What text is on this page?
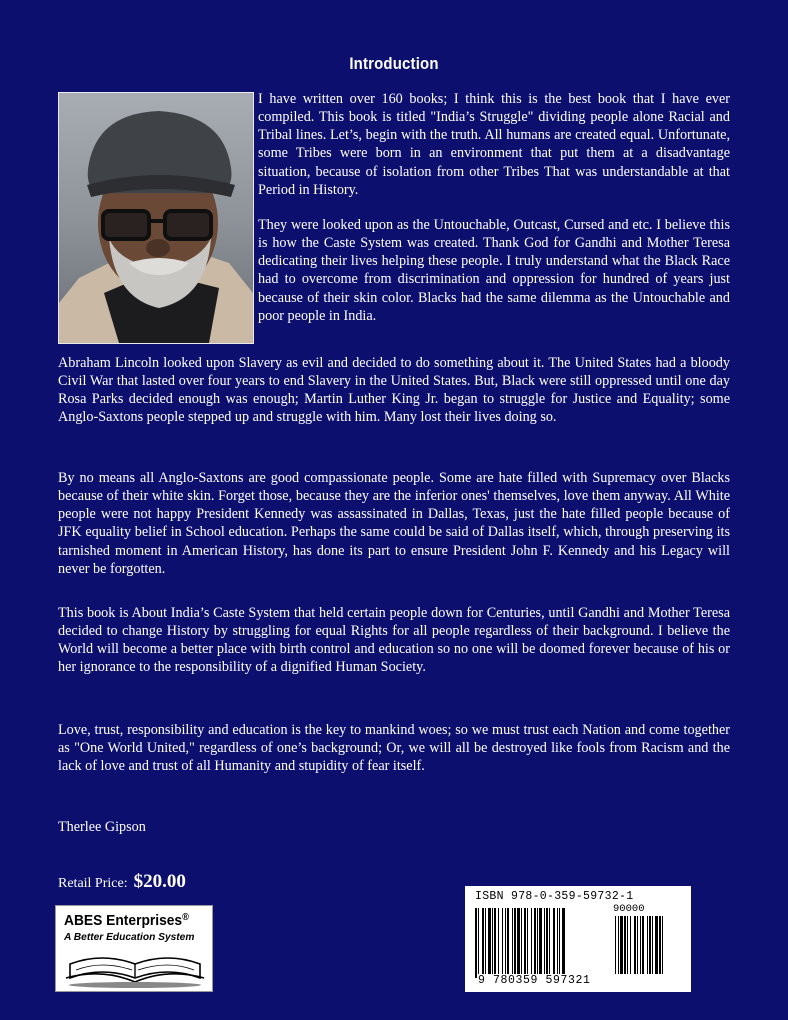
Introduction

I have written over 160 books; I think this is the best book that I have ever compiled. This book is titled "India’s Struggle" dividing people alone Racial and Tribal lines. Let’s, begin with the truth. All humans are created equal. Unfortunate, some Tribes were born in an environment that put them at a disadvantage situation, because of isolation from other Tribes That was understandable at that Period in History.

They were looked upon as the Untouchable, Outcast, Cursed and etc. I believe this is how the Caste System was created. Thank God for Gandhi and Mother Teresa dedicating their lives helping these people. I truly understand what the Black Race had to overcome from discrimination and oppression for hundred of years just because of their skin color. Blacks had the same dilemma as the Untouchable and poor people in India.

Abraham Lincoln looked upon Slavery as evil and decided to do something about it. The United States had a bloody Civil War that lasted over four years to end Slavery in the United States. But, Black were still oppressed until one day Rosa Parks decided enough was enough; Martin Luther King Jr. began to struggle for Justice and Equality; some Anglo-Saxtons people stepped up and struggle with him. Many lost their lives doing so.

By no means all Anglo-Saxtons are good compassionate people. Some are hate filled with Supremacy over Blacks because of their white skin. Forget those, because they are the inferior ones' themselves, love them anyway. All White people were not happy President Kennedy was assassinated in Dallas, Texas, just the hate filled people because of JFK equality belief in School education. Perhaps the same could be said of Dallas itself, which, through preserving its tarnished moment in American History, has done its part to ensure President John F. Kennedy and his Legacy will never be forgotten.

This book is About India’s Caste System that held certain people down for Centuries, until Gandhi and Mother Teresa decided to change History by struggling for equal Rights for all people regardless of their background. I believe the World will become a better place with birth control and education so no one will be doomed forever because of his or her ignorance to the responsibility of a dignified Human Society.

Love, trust, responsibility and education is the key to mankind woes; so we must trust each Nation and come together as "One World United," regardless of one’s background; Or, we will all be destroyed like fools from Racism and the lack of love and trust of all Humanity and stupidity of fear itself.

Therlee Gipson

Retail Price: $20.00
ABES Enterprises®
A Better Education System
ISBN 978-0-359-59732-1
90000
9 780359 597321
